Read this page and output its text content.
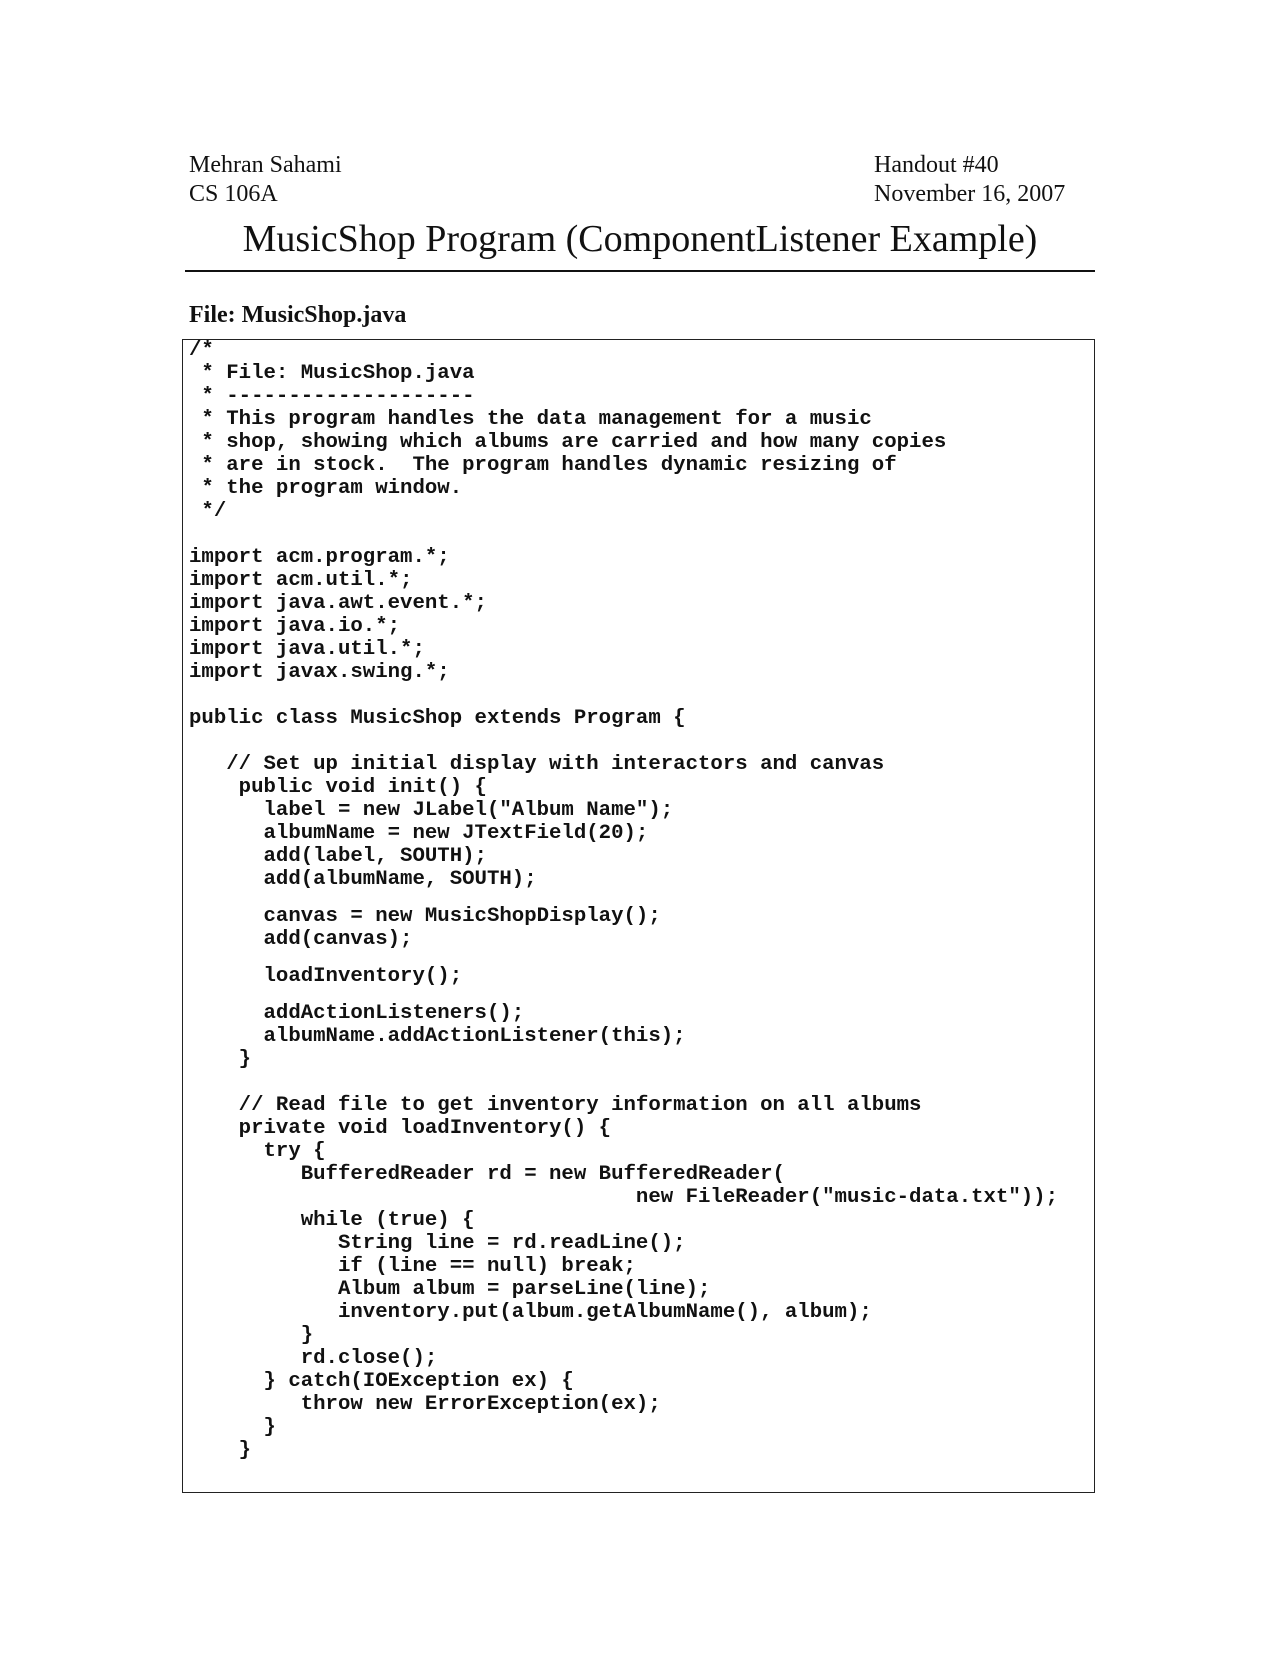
Mehran Sahami
CS 106A
Handout #40
November 16, 2007
MusicShop Program (ComponentListener Example)
File: MusicShop.java
/*
* File: MusicShop.java
* --------------------
* This program handles the data management for a music
* shop, showing which albums are carried and how many copies
* are in stock.  The program handles dynamic resizing of
* the program window.
*/
import acm.program.*;
import acm.util.*;
import java.awt.event.*;
import java.io.*;
import java.util.*;
import javax.swing.*;
public class MusicShop extends Program {
// Set up initial display with interactors and canvas
public void init() {
label = new JLabel("Album Name");
albumName = new JTextField(20);
add(label, SOUTH);
add(albumName, SOUTH);
canvas = new MusicShopDisplay();
add(canvas);
loadInventory();
addActionListeners();
albumName.addActionListener(this);
}
// Read file to get inventory information on all albums
private void loadInventory() {
try {
BufferedReader rd = new BufferedReader(
new FileReader("music-data.txt"));
while (true) {
String line = rd.readLine();
if (line == null) break;
Album album = parseLine(line);
inventory.put(album.getAlbumName(), album);
}
rd.close();
} catch(IOException ex) {
throw new ErrorException(ex);
}
}
